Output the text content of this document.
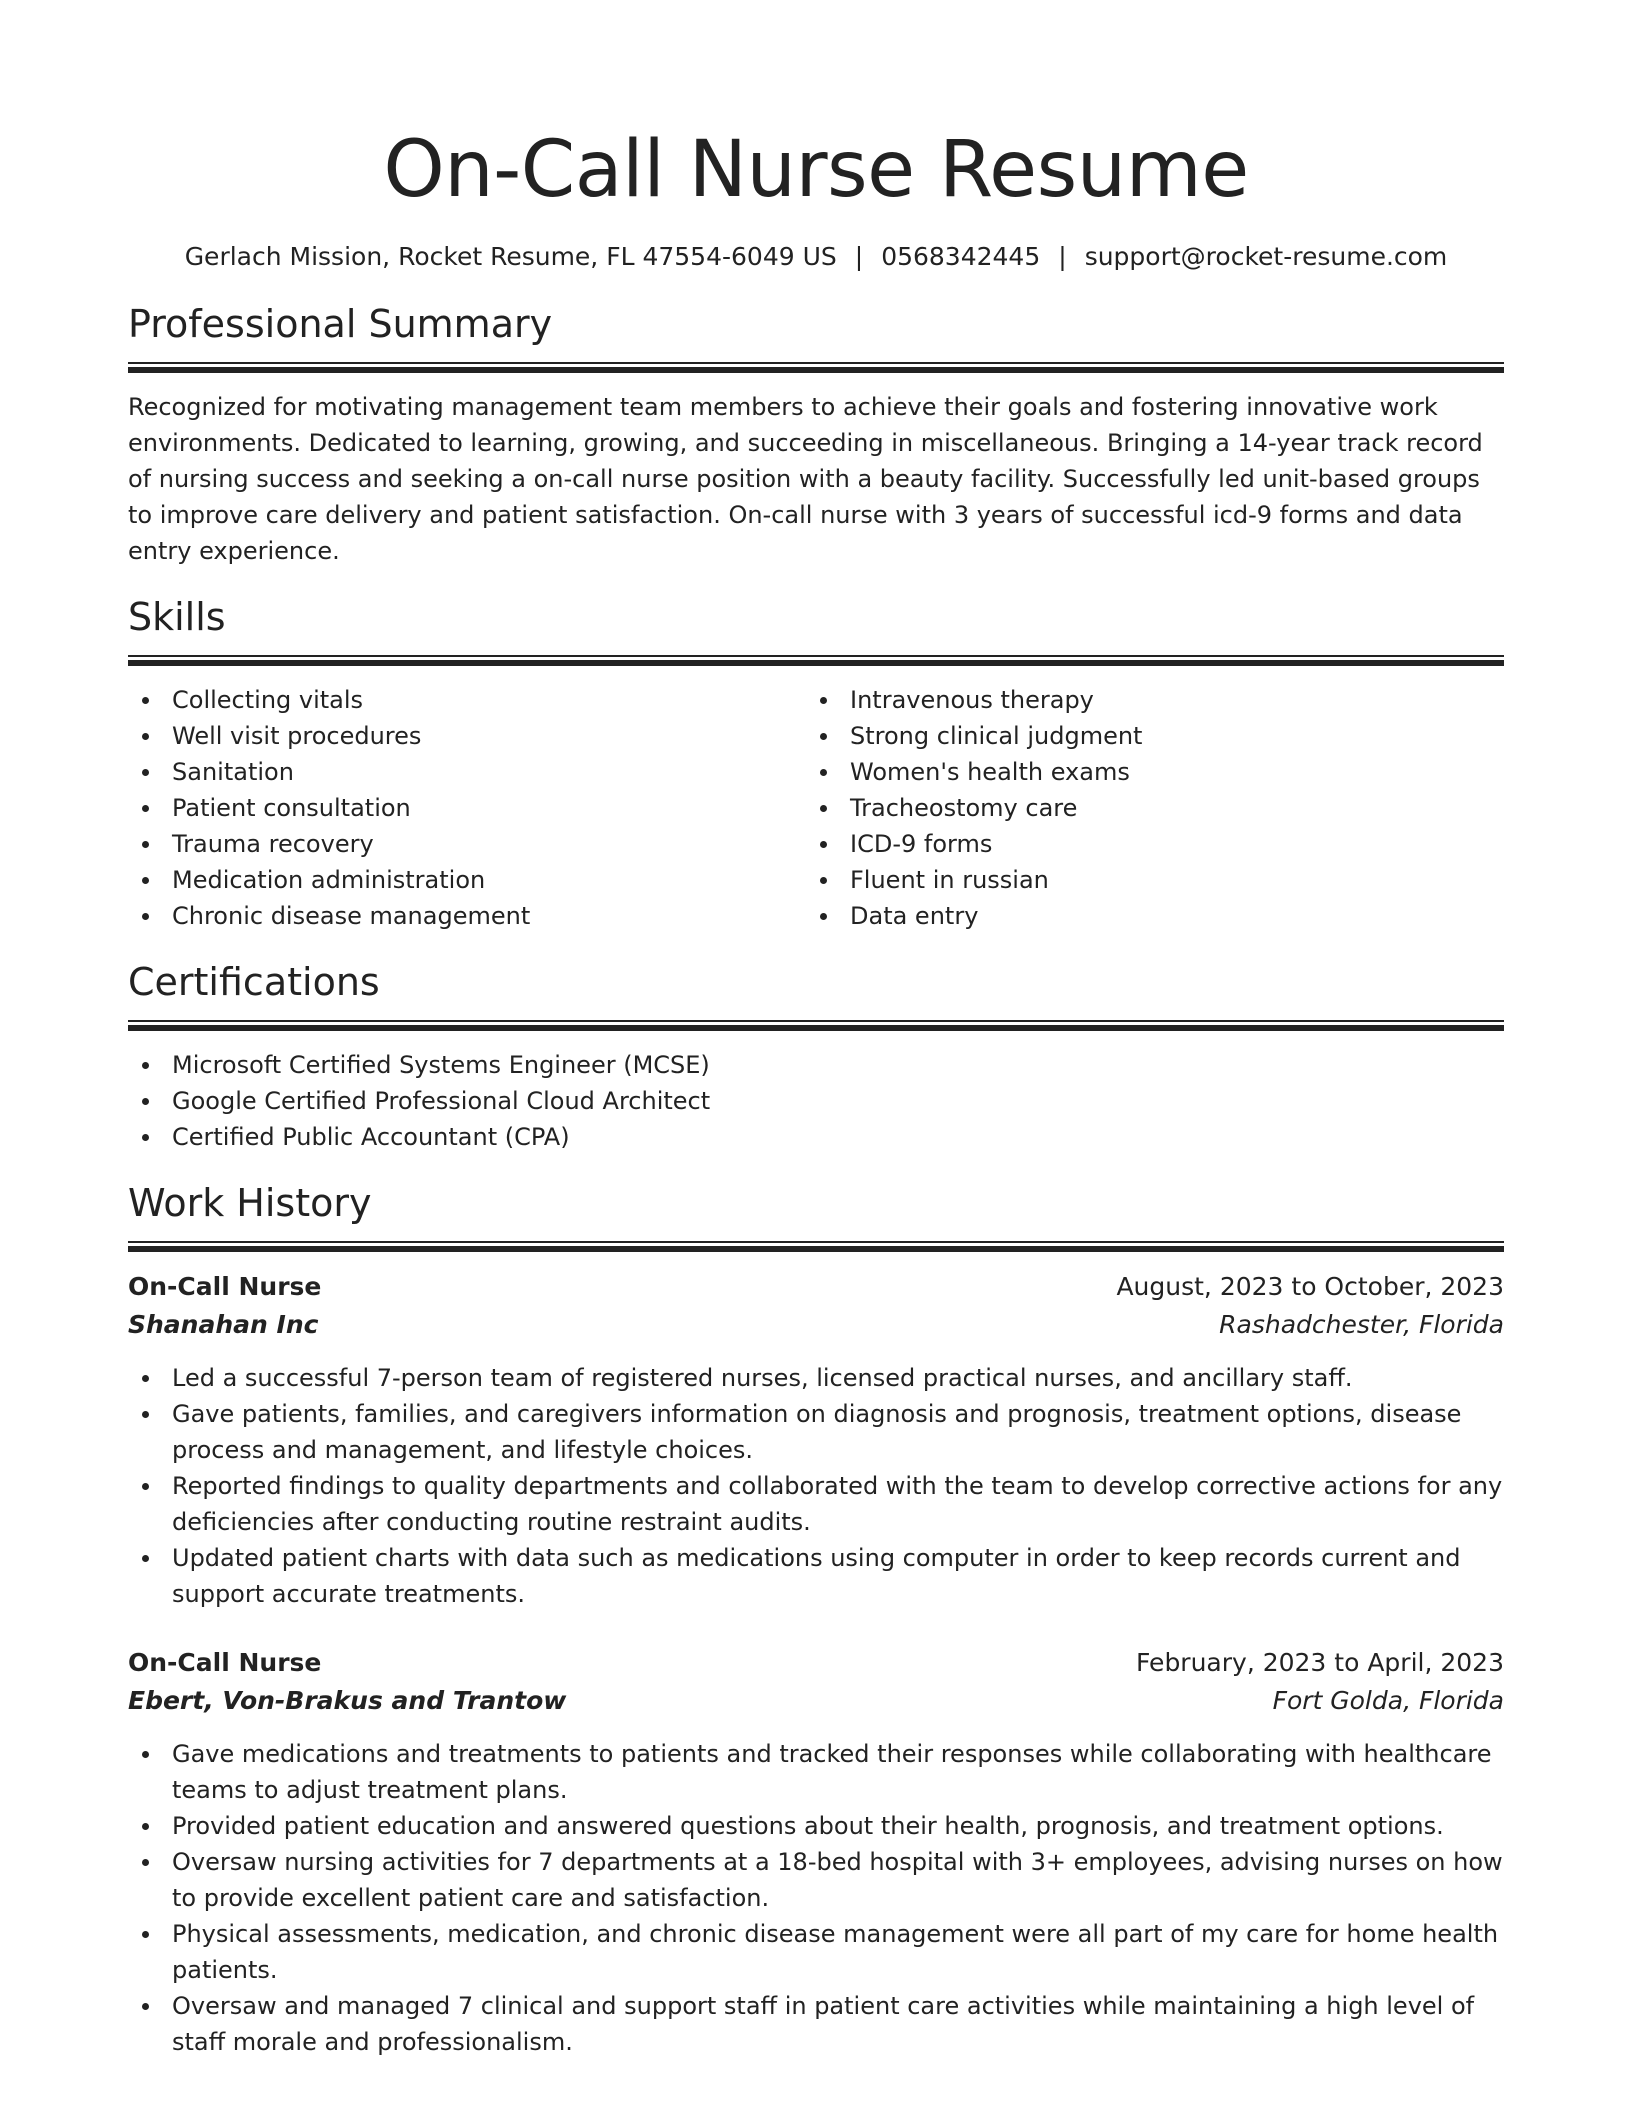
On-Call Nurse Resume
Gerlach Mission, Rocket Resume, FL 47554-6049 US | 0568342445 | support@rocket-resume.com
Professional Summary

Recognized for motivating management team members to achieve their goals and fostering innovative work environments. Dedicated to learning, growing, and succeeding in miscellaneous. Bringing a 14-year track record of nursing success and seeking a on-call nurse position with a beauty facility. Successfully led unit-based groups to improve care delivery and patient satisfaction. On-call nurse with 3 years of successful icd-9 forms and data entry experience.

Skills
Collecting vitals
Well visit procedures
Sanitation
Patient consultation
Trauma recovery
Medication administration
Chronic disease management
Intravenous therapy
Strong clinical judgment
Women's health exams
Tracheostomy care
ICD-9 forms
Fluent in russian
Data entry
Certifications
Microsoft Certified Systems Engineer (MCSE)
Google Certified Professional Cloud Architect
Certified Public Accountant (CPA)
Work History
On-Call Nurse	August, 2023 to October, 2023
Shanahan Inc	Rashadchester, Florida
Led a successful 7-person team of registered nurses, licensed practical nurses, and ancillary staff.
Gave patients, families, and caregivers information on diagnosis and prognosis, treatment options, disease process and management, and lifestyle choices.
Reported findings to quality departments and collaborated with the team to develop corrective actions for any deficiencies after conducting routine restraint audits.
Updated patient charts with data such as medications using computer in order to keep records current and support accurate treatments.
On-Call Nurse	February, 2023 to April, 2023
Ebert, Von-Brakus and Trantow	Fort Golda, Florida
Gave medications and treatments to patients and tracked their responses while collaborating with healthcare teams to adjust treatment plans.
Provided patient education and answered questions about their health, prognosis, and treatment options.
Oversaw nursing activities for 7 departments at a 18-bed hospital with 3+ employees, advising nurses on how to provide excellent patient care and satisfaction.
Physical assessments, medication, and chronic disease management were all part of my care for home health patients.
Oversaw and managed 7 clinical and support staff in patient care activities while maintaining a high level of staff morale and professionalism.
